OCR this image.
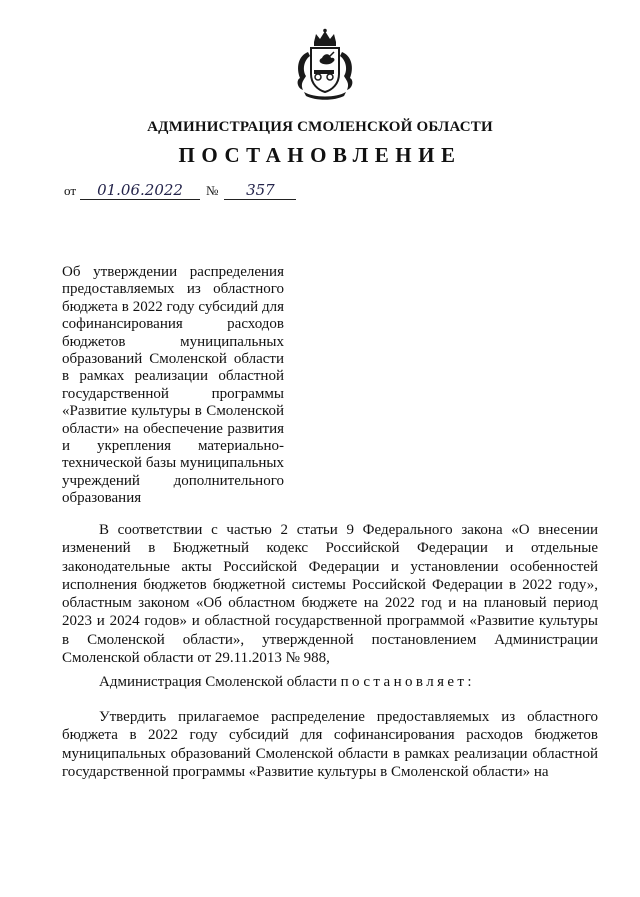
АДМИНИСТРАЦИЯ СМОЛЕНСКОЙ ОБЛАСТИ
ПОСТАНОВЛЕНИЕ
от	01.06.2022	№	357
Об утверждении распределения предоставляемых из областного бюджета в 2022 году субсидий для софинансирования расходов бюджетов муниципальных образований Смоленской области в рамках реализации областной государственной программы «Развитие культуры в Смоленской области» на обеспечение развития и укрепления материально-технической базы муниципальных учреждений дополнительного образования
В соответствии с частью 2 статьи 9 Федерального закона «О внесении изменений в Бюджетный кодекс Российской Федерации и отдельные законодательные акты Российской Федерации и установлении особенностей исполнения бюджетов бюджетной системы Российской Федерации в 2022 году», областным законом «Об областном бюджете на 2022 год и на плановый период 2023 и 2024 годов» и областной государственной программой «Развитие культуры в Смоленской области», утвержденной постановлением Администрации Смоленской области от 29.11.2013 № 988,
Администрация Смоленской области постановляет:
Утвердить прилагаемое распределение предоставляемых из областного бюджета в 2022 году субсидий для софинансирования расходов бюджетов муниципальных образований Смоленской области в рамках реализации областной государственной программы «Развитие культуры в Смоленской области» на
